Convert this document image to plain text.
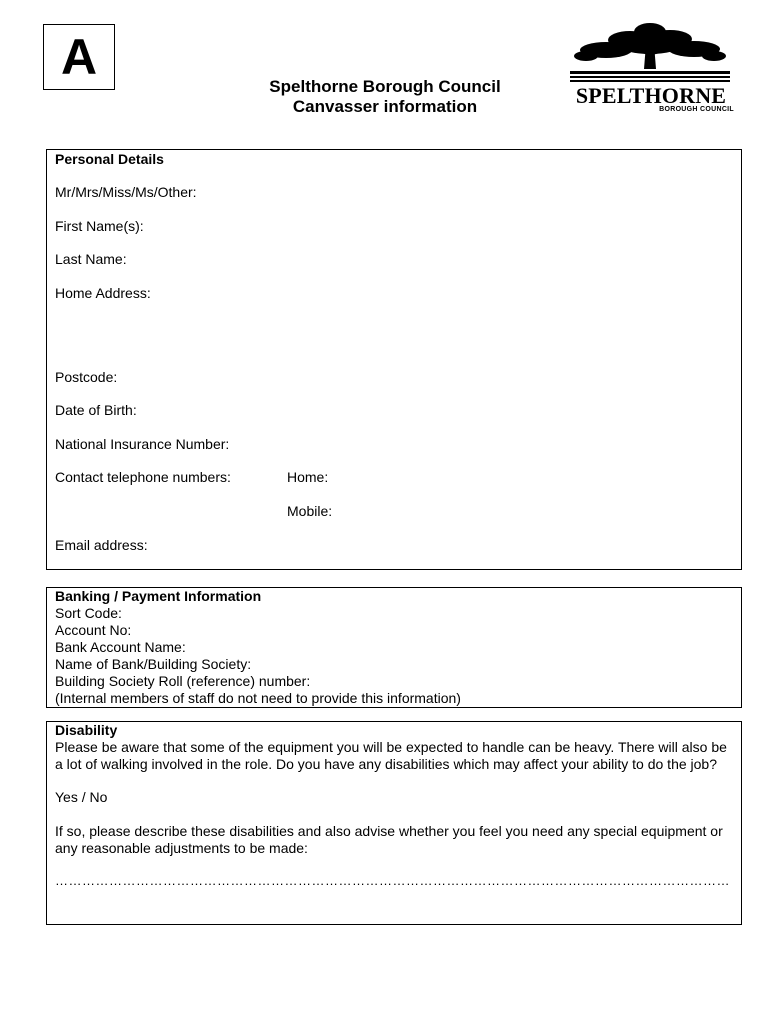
A
Spelthorne Borough Council
Canvasser information	SPELTHORNE
BOROUGH COUNCIL
Personal Details
Mr/Mrs/Miss/Ms/Other:
First Name(s):
Last Name:
Home Address:
Postcode:
Date of Birth:
National Insurance Number:
Contact telephone numbers:	Home:
Mobile:
Email address:
Banking / Payment Information
Sort Code:
Account No:
Bank Account Name:
Name of Bank/Building Society:
Building Society Roll (reference) number:
(Internal members of staff do not need to provide this information)
Disability
Please be aware that some of the equipment you will be expected to handle can be heavy. There will also be a lot of walking involved in the role. Do you have any disabilities which may affect your ability to do the job?
Yes / No
If so, please describe these disabilities and also advise whether you feel you need any special equipment or any reasonable adjustments to be made:
……………………………………………………………………………………………………………………………………
